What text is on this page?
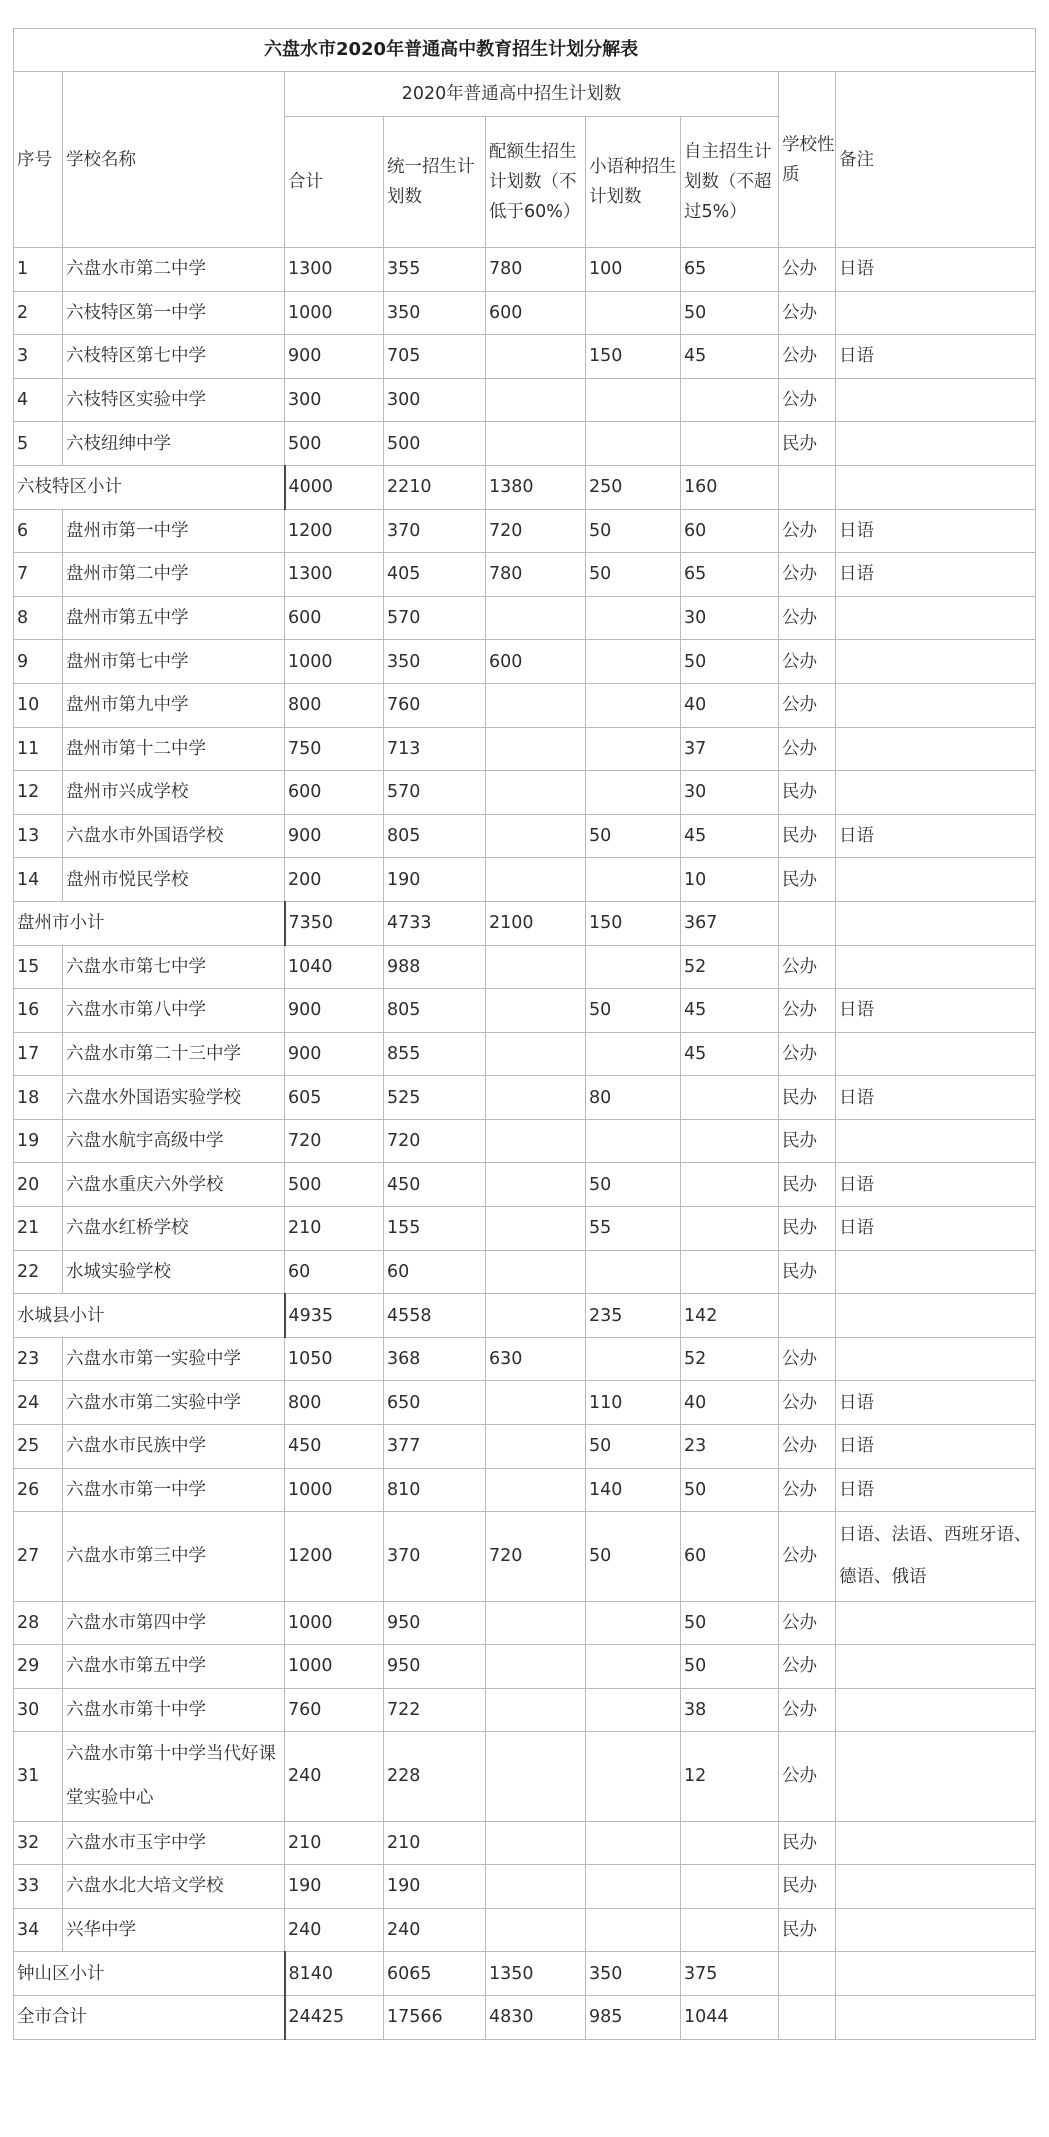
六盘水市2020年普通高中教育招生计划分解表								
序号	学校名称	2020年普通高中招生计划数					学校性质	备注
		合计	统一招生计划数	配额生招生计划数（不低于60%）	小语种招生计划数	自主招生计划数（不超过5%）		
1	六盘水市第二中学	1300	355	780	100	65	公办	日语
2	六枝特区第一中学	1000	350	600		50	公办	
3	六枝特区第七中学	900	705		150	45	公办	日语
4	六枝特区实验中学	300	300				公办	
5	六枝纽绅中学	500	500				民办	
六枝特区小计		4000	2210	1380	250	160		
6	盘州市第一中学	1200	370	720	50	60	公办	日语
7	盘州市第二中学	1300	405	780	50	65	公办	日语
8	盘州市第五中学	600	570			30	公办	
9	盘州市第七中学	1000	350	600		50	公办	
10	盘州市第九中学	800	760			40	公办	
11	盘州市第十二中学	750	713			37	公办	
12	盘州市兴成学校	600	570			30	民办	
13	六盘水市外国语学校	900	805		50	45	民办	日语
14	盘州市悦民学校	200	190			10	民办	
盘州市小计		7350	4733	2100	150	367		
15	六盘水市第七中学	1040	988			52	公办	
16	六盘水市第八中学	900	805		50	45	公办	日语
17	六盘水市第二十三中学	900	855			45	公办	
18	六盘水外国语实验学校	605	525		80		民办	日语
19	六盘水航宇高级中学	720	720				民办	
20	六盘水重庆六外学校	500	450		50		民办	日语
21	六盘水红桥学校	210	155		55		民办	日语
22	水城实验学校	60	60				民办	
水城县小计		4935	4558		235	142		
23	六盘水市第一实验中学	1050	368	630		52	公办	
24	六盘水市第二实验中学	800	650		110	40	公办	日语
25	六盘水市民族中学	450	377		50	23	公办	日语
26	六盘水市第一中学	1000	810		140	50	公办	日语
27	六盘水市第三中学	1200	370	720	50	60	公办	日语、法语、西班牙语、德语、俄语
28	六盘水市第四中学	1000	950			50	公办	
29	六盘水市第五中学	1000	950			50	公办	
30	六盘水市第十中学	760	722			38	公办	
31	六盘水市第十中学当代好课堂实验中心	240	228			12	公办	
32	六盘水市玉宇中学	210	210				民办	
33	六盘水北大培文学校	190	190				民办	
34	兴华中学	240	240				民办	
钟山区小计		8140	6065	1350	350	375		
全市合计		24425	17566	4830	985	1044		
